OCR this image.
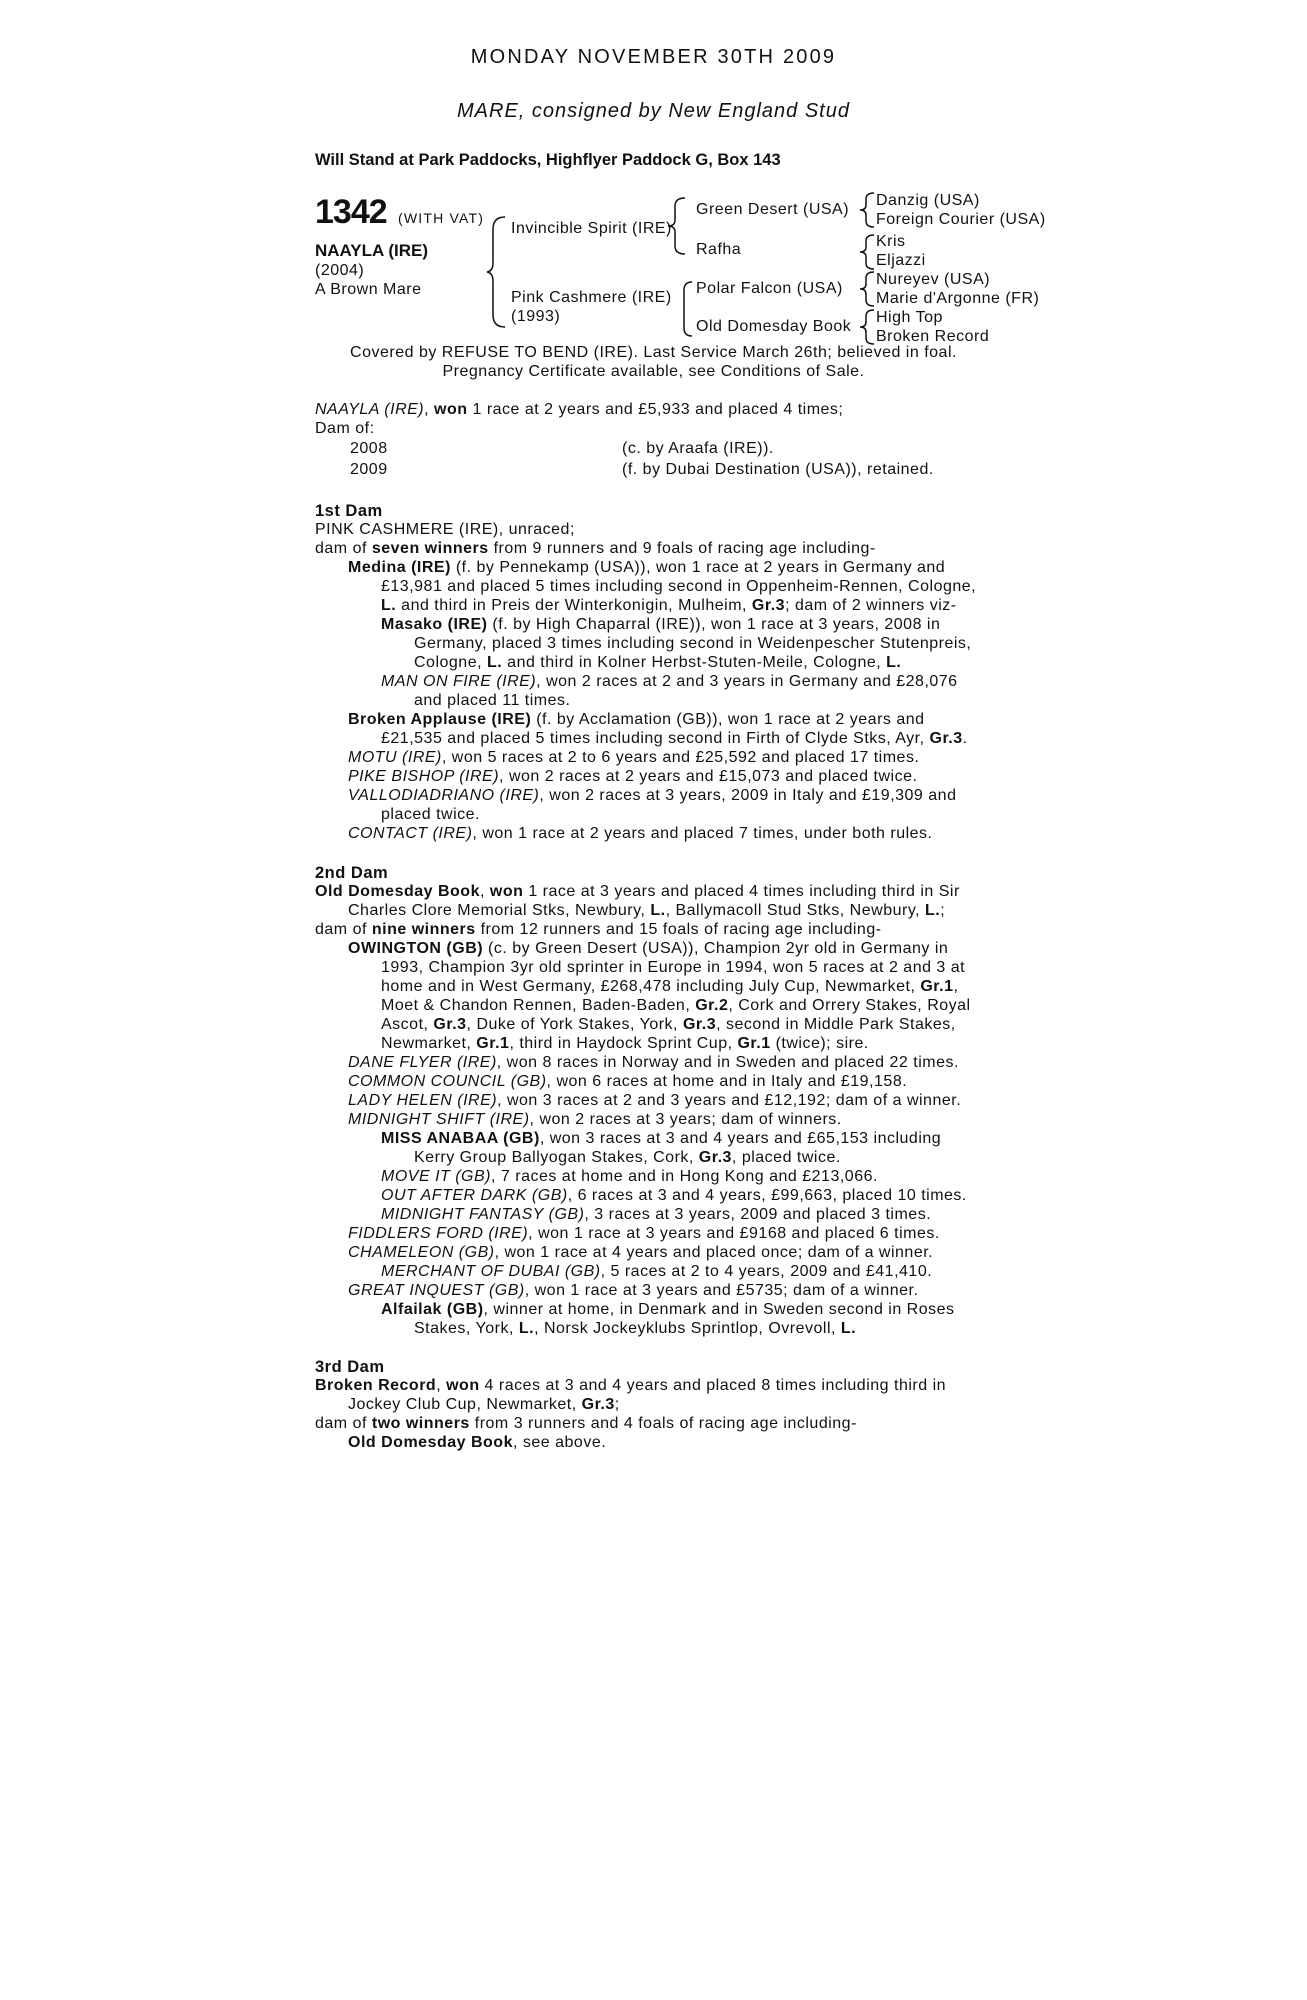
MONDAY NOVEMBER 30TH 2009
MARE, consigned by New England Stud
Will Stand at Park Paddocks, Highflyer Paddock G, Box 143
1342 (WITH VAT)
NAAYLA (IRE)
(2004)
A Brown Mare
Invincible Spirit (IRE)
Pink Cashmere (IRE)
(1993)
Green Desert (USA)
Rafha
Polar Falcon (USA)
Old Domesday Book
Danzig (USA)
Foreign Courier (USA)
Kris
Eljazzi
Nureyev (USA)
Marie d'Argonne (FR)
High Top
Broken Record
Covered by REFUSE TO BEND (IRE). Last Service March 26th; believed in foal.
Pregnancy Certificate available, see Conditions of Sale.
NAAYLA (IRE), won 1 race at 2 years and £5,933 and placed 4 times;
Dam of:
2008	(c. by Araafa (IRE)).
2009	(f. by Dubai Destination (USA)), retained.
1st Dam
PINK CASHMERE (IRE), unraced;
dam of seven winners from 9 runners and 9 foals of racing age including-
Medina (IRE) (f. by Pennekamp (USA)), won 1 race at 2 years in Germany and
£13,981 and placed 5 times including second in Oppenheim-Rennen, Cologne,
L. and third in Preis der Winterkonigin, Mulheim, Gr.3; dam of 2 winners viz-
Masako (IRE) (f. by High Chaparral (IRE)), won 1 race at 3 years, 2008 in
Germany, placed 3 times including second in Weidenpescher Stutenpreis,
Cologne, L. and third in Kolner Herbst-Stuten-Meile, Cologne, L.
MAN ON FIRE (IRE), won 2 races at 2 and 3 years in Germany and £28,076
and placed 11 times.
Broken Applause (IRE) (f. by Acclamation (GB)), won 1 race at 2 years and
£21,535 and placed 5 times including second in Firth of Clyde Stks, Ayr, Gr.3.
MOTU (IRE), won 5 races at 2 to 6 years and £25,592 and placed 17 times.
PIKE BISHOP (IRE), won 2 races at 2 years and £15,073 and placed twice.
VALLODIADRIANO (IRE), won 2 races at 3 years, 2009 in Italy and £19,309 and
placed twice.
CONTACT (IRE), won 1 race at 2 years and placed 7 times, under both rules.
2nd Dam
Old Domesday Book, won 1 race at 3 years and placed 4 times including third in Sir
Charles Clore Memorial Stks, Newbury, L., Ballymacoll Stud Stks, Newbury, L.;
dam of nine winners from 12 runners and 15 foals of racing age including-
OWINGTON (GB) (c. by Green Desert (USA)), Champion 2yr old in Germany in
1993, Champion 3yr old sprinter in Europe in 1994, won 5 races at 2 and 3 at
home and in West Germany, £268,478 including July Cup, Newmarket, Gr.1,
Moet & Chandon Rennen, Baden-Baden, Gr.2, Cork and Orrery Stakes, Royal
Ascot, Gr.3, Duke of York Stakes, York, Gr.3, second in Middle Park Stakes,
Newmarket, Gr.1, third in Haydock Sprint Cup, Gr.1 (twice); sire.
DANE FLYER (IRE), won 8 races in Norway and in Sweden and placed 22 times.
COMMON COUNCIL (GB), won 6 races at home and in Italy and £19,158.
LADY HELEN (IRE), won 3 races at 2 and 3 years and £12,192; dam of a winner.
MIDNIGHT SHIFT (IRE), won 2 races at 3 years; dam of winners.
MISS ANABAA (GB), won 3 races at 3 and 4 years and £65,153 including
Kerry Group Ballyogan Stakes, Cork, Gr.3, placed twice.
MOVE IT (GB), 7 races at home and in Hong Kong and £213,066.
OUT AFTER DARK (GB), 6 races at 3 and 4 years, £99,663, placed 10 times.
MIDNIGHT FANTASY (GB), 3 races at 3 years, 2009 and placed 3 times.
FIDDLERS FORD (IRE), won 1 race at 3 years and £9168 and placed 6 times.
CHAMELEON (GB), won 1 race at 4 years and placed once; dam of a winner.
MERCHANT OF DUBAI (GB), 5 races at 2 to 4 years, 2009 and £41,410.
GREAT INQUEST (GB), won 1 race at 3 years and £5735; dam of a winner.
Alfailak (GB), winner at home, in Denmark and in Sweden second in Roses
Stakes, York, L., Norsk Jockeyklubs Sprintlop, Ovrevoll, L.
3rd Dam
Broken Record, won 4 races at 3 and 4 years and placed 8 times including third in
Jockey Club Cup, Newmarket, Gr.3;
dam of two winners from 3 runners and 4 foals of racing age including-
Old Domesday Book, see above.
